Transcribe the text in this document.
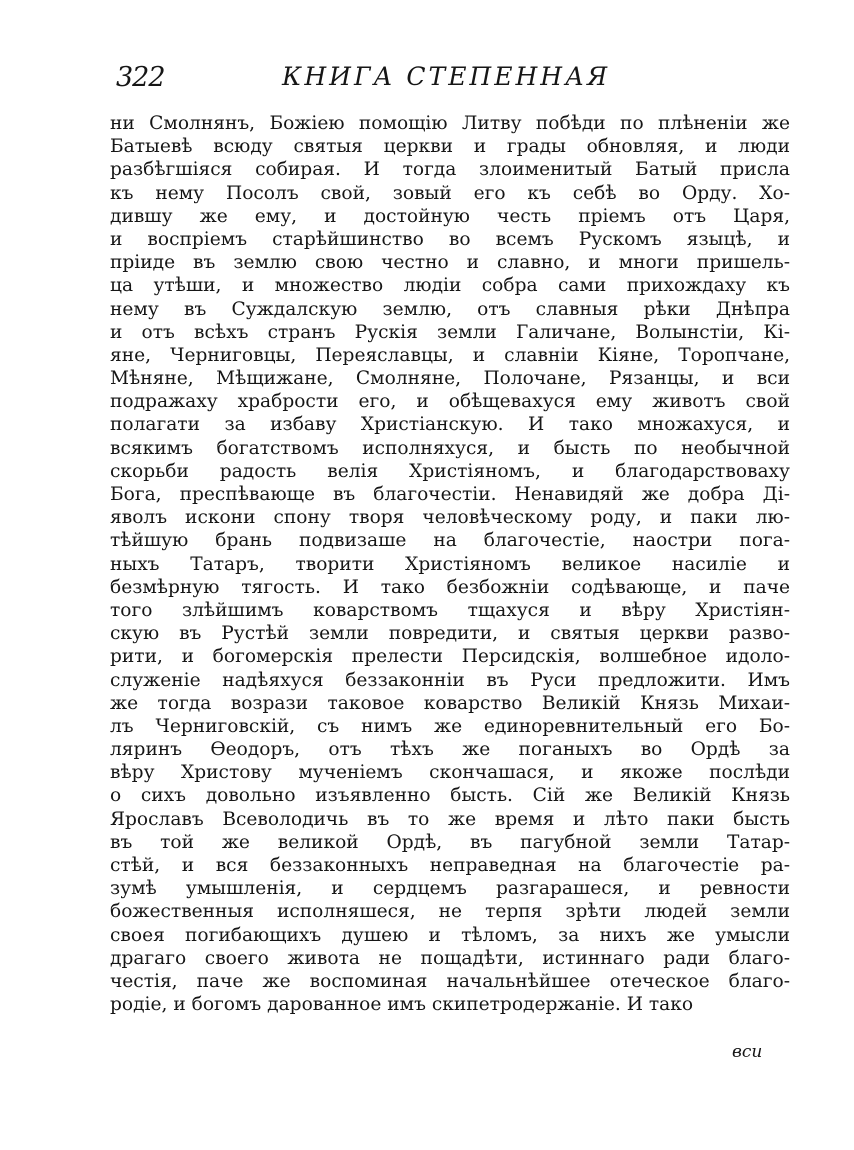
322	КНИГА СТЕПЕННАЯ
ни Смолнянъ, Божіею помощію Литву побѣди по плѣненіи же
Батыевѣ всюду святыя церкви и грады обновляя, и люди
разбѣгшіяся собирая. И тогда злоименитый Батый присла
къ нему Посолъ свой, зовый его къ себѣ во Орду. Хо-
дившу же ему, и достойную честь пріемъ отъ Царя,
и воспріемъ старѣйшинство во всемъ Рускомъ языцѣ, и
пріиде въ землю свою честно и славно, и многи пришель-
ца утѣши, и множество людіи собра сами прихождаху къ
нему въ Суждалскую землю, отъ славныя рѣки Днѣпра
и отъ всѣхъ странъ Рускія земли Галичане, Волынстіи, Кі-
яне, Черниговцы, Переяславцы, и славніи Кіяне, Торопчане,
Мѣняне, Мѣщижане, Смолняне, Полочане, Рязанцы, и вси
подражаху храбрости его, и обѣщевахуся ему животъ свой
полагати за избаву Христіанскую. И тако множахуся, и
всякимъ богатствомъ исполняхуся, и бысть по необычной
скорьби радость велія Христіяномъ, и благодарствоваху
Бога, преспѣвающе въ благочестіи. Ненавидяй же добра Ді-
яволъ искони спону творя человѣческому роду, и паки лю-
тѣйшую брань подвизаше на благочестіе, наостри пога-
ныхъ Татаръ, творити Христіяномъ великое насиліе и
безмѣрную тягость. И тако безбожніи содѣвающе, и паче
того злѣйшимъ коварствомъ тщахуся и вѣру Христіян-
скую въ Рустѣй земли повредити, и святыя церкви разво-
рити, и богомерскія прелести Персидскія, волшебное идоло-
служеніе надѣяхуся беззаконніи въ Руси предложити. Имъ
же тогда возрази таковое коварство Великій Князь Михаи-
лъ Черниговскій, съ нимъ же единоревнительный его Бо-
ляринъ Ѳеодоръ, отъ тѣхъ же поганыхъ во Ордѣ за
вѣру Христову мученіемъ скончашася, и якоже послѣди
о сихъ довольно изъявленно бысть. Сій же Великій Князь
Ярославъ Всеволодичь въ то же время и лѣто паки бысть
въ той же великой Ордѣ, въ пагубной земли Татар-
стѣй, и вся беззаконныхъ неправедная на благочестіе ра-
зумѣ умышленія, и сердцемъ разгарашеся, и ревности
божественныя исполняшеся, не терпя зрѣти людей земли
своея погибающихъ душею и тѣломъ, за нихъ же умысли
драгаго своего живота не пощадѣти, истиннаго ради благо-
честія, паче же воспоминая начальнѣйшее отеческое благо-
родіе, и богомъ дарованное имъ скипетродержаніе. И тако
вси
